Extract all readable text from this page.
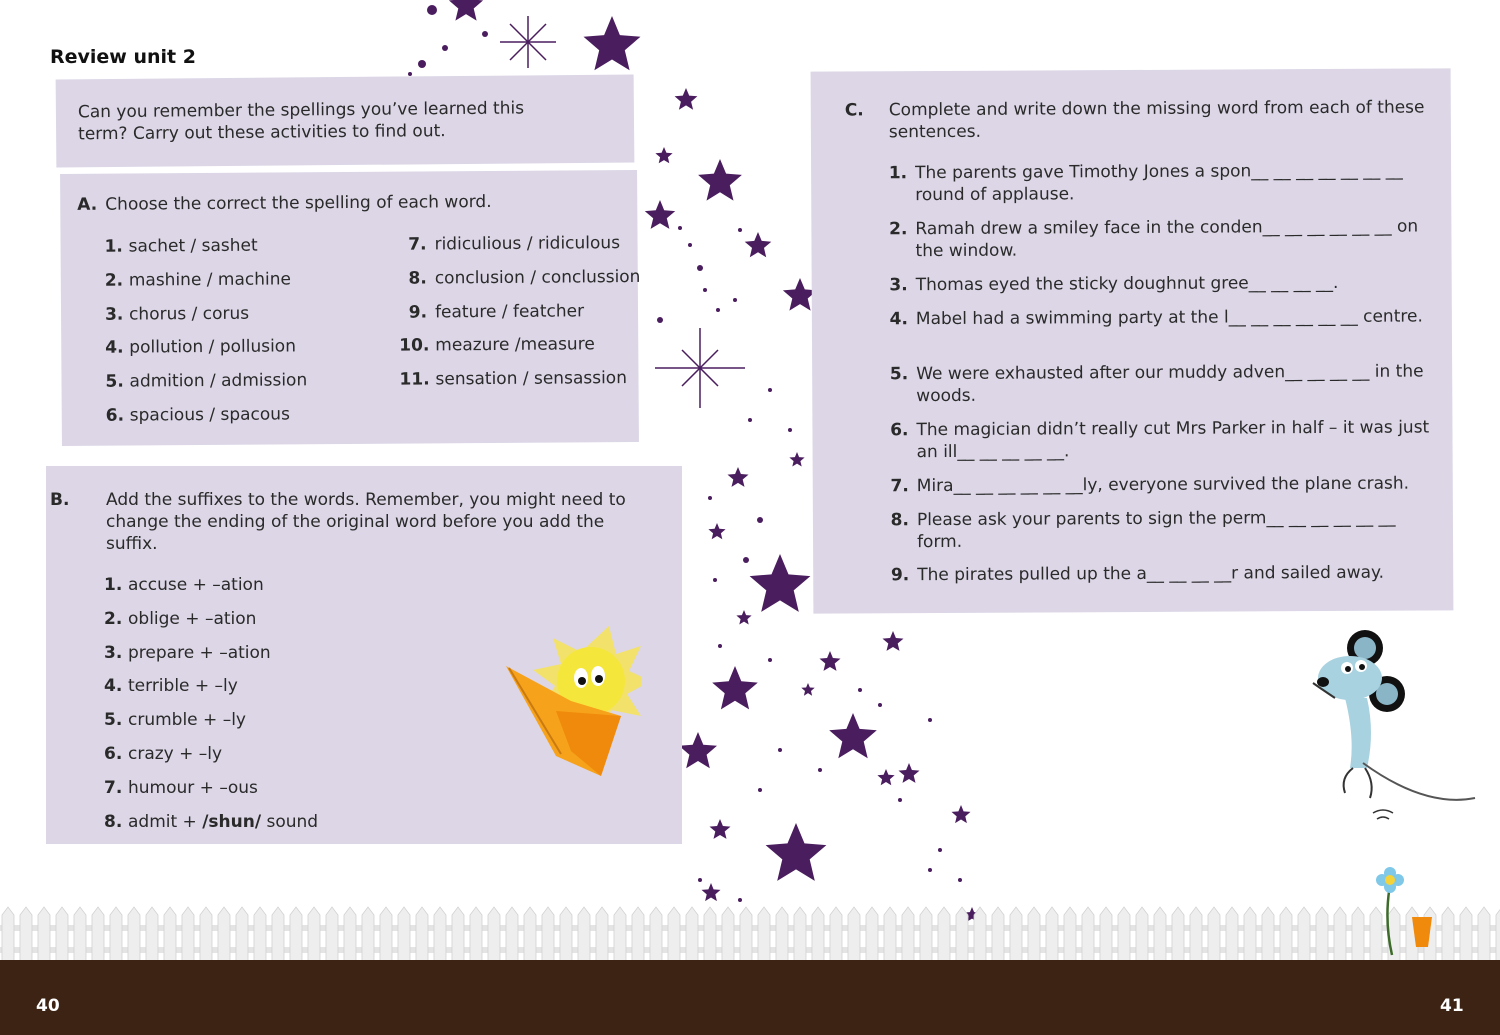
Review unit 2

Can you remember the spellings you’ve learned this term? Carry out these activities to find out.

A. Choose the correct the spelling of each word.
1. sachet / sashet
2. mashine / machine
3. chorus / corus
4. pollution / pollusion
5. admition / admission
6. spacious / spacous
7. ridiculious / ridiculous
8. conclusion / conclussion
9. feature / featcher
10. meazure /measure
11. sensation / sensassion
B. Add the suffixes to the words. Remember, you might need to change the ending of the original word before you add the suffix.
1. accuse + –ation
2. oblige + –ation
3. prepare + –ation
4. terrible + –ly
5. crumble + –ly
6. crazy + –ly
7. humour + –ous
8. admit + /shun/ sound
C. Complete and write down the missing word from each of these sentences.
1. The parents gave Timothy Jones a spon__ __ __ __ __ __ __ round of applause.
2. Ramah drew a smiley face in the conden__ __ __ __ __ __ on the window.
3. Thomas eyed the sticky doughnut gree__ __ __ __.
4. Mabel had a swimming party at the l__ __ __ __ __ __ centre.
5. We were exhausted after our muddy adven__ __ __ __ in the woods.
6. The magician didn’t really cut Mrs Parker in half – it was just an ill__ __ __ __ __.
7. Mira__ __ __ __ __ __ly, everyone survived the plane crash.
8. Please ask your parents to sign the perm__ __ __ __ __ __ form.
9. The pirates pulled up the a__ __ __ __r and sailed away.
40	41
